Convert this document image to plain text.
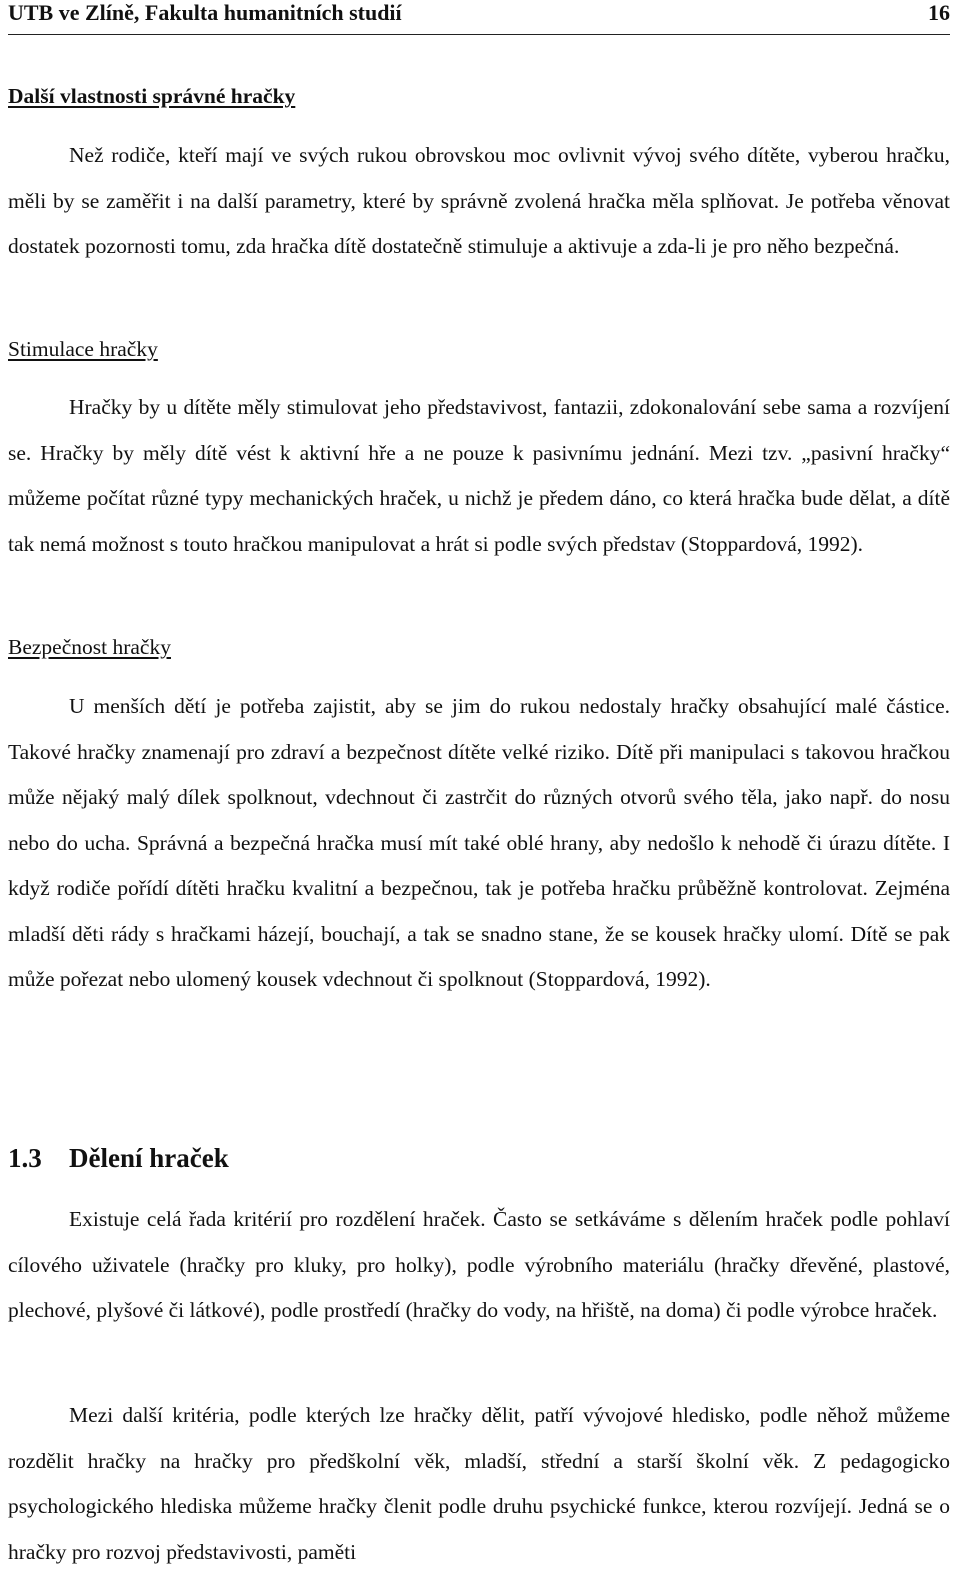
UTB ve Zlíně, Fakulta humanitních studií	16
Další vlastnosti správné hračky

Než rodiče, kteří mají ve svých rukou obrovskou moc ovlivnit vývoj svého dítěte, vyberou hračku, měli by se zaměřit i na další parametry, které by správně zvolená hračka měla splňovat. Je potřeba věnovat dostatek pozornosti tomu, zda hračka dítě dostatečně stimuluje a aktivuje a zda-li je pro něho bezpečná.

Stimulace hračky

Hračky by u dítěte měly stimulovat jeho představivost, fantazii, zdokonalování sebe sama a rozvíjení se. Hračky by měly dítě vést k aktivní hře a ne pouze k pasivnímu jednání. Mezi tzv. „pasivní hračky“ můžeme počítat různé typy mechanických hraček, u nichž je předem dáno, co která hračka bude dělat, a dítě tak nemá možnost s touto hračkou manipulovat a hrát si podle svých představ (Stoppardová, 1992).

Bezpečnost hračky

U menších dětí je potřeba zajistit, aby se jim do rukou nedostaly hračky obsahující malé částice. Takové hračky znamenají pro zdraví a bezpečnost dítěte velké riziko. Dítě při manipulaci s takovou hračkou může nějaký malý dílek spolknout, vdechnout či zastrčit do různých otvorů svého těla, jako např. do nosu nebo do ucha. Správná a bezpečná hračka musí mít také oblé hrany, aby nedošlo k nehodě či úrazu dítěte. I když rodiče pořídí dítěti hračku kvalitní a bezpečnou, tak je potřeba hračku průběžně kontrolovat. Zejména mladší děti rády s hračkami házejí, bouchají, a tak se snadno stane, že se kousek hračky ulomí. Dítě se pak může pořezat nebo ulomený kousek vdechnout či spolknout (Stoppardová, 1992).

1.3 Dělení hraček

Existuje celá řada kritérií pro rozdělení hraček. Často se setkáváme s dělením hraček podle pohlaví cílového uživatele (hračky pro kluky, pro holky), podle výrobního materiálu (hračky dřevěné, plastové, plechové, plyšové či látkové), podle prostředí (hračky do vody, na hřiště, na doma) či podle výrobce hraček.

Mezi další kritéria, podle kterých lze hračky dělit, patří vývojové hledisko, podle něhož můžeme rozdělit hračky na hračky pro předškolní věk, mladší, střední a starší školní věk. Z pedagogicko psychologického hlediska můžeme hračky členit podle druhu psychické funkce, kterou rozvíjejí. Jedná se o hračky pro rozvoj představivosti, paměti
